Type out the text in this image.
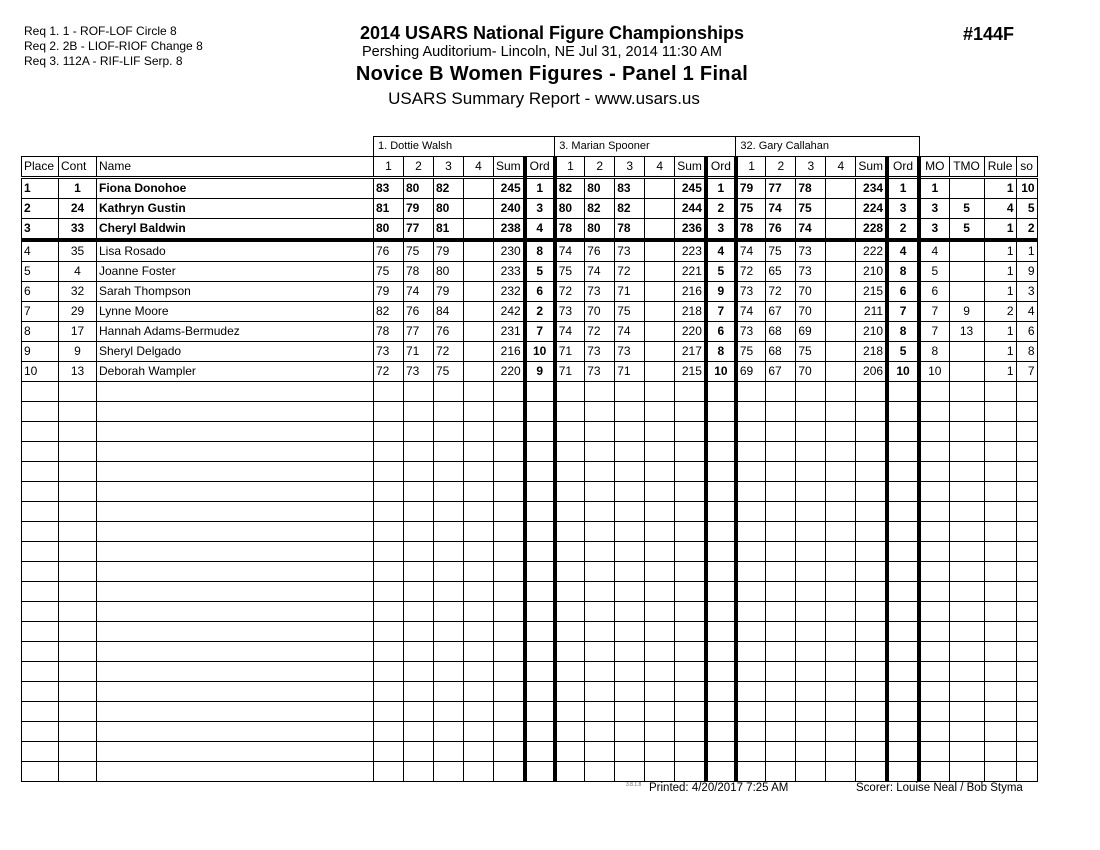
Req 1. 1 - ROF-LOF Circle 8
Req 2. 2B - LIOF-RIOF Change 8
Req 3. 112A - RIF-LIF Serp. 8
2014 USARS National Figure Championships
Pershing Auditorium- Lincoln, NE Jul 31, 2014 11:30 AM
Novice B Women Figures - Panel 1 Final
USARS Summary Report - www.usars.us
#144F
			1. Dottie Walsh						3. Marian Spooner						32. Gary Callahan									
Place	Cont	Name	1	2	3	4	Sum	Ord	1	2	3	4	Sum	Ord	1	2	3	4	Sum	Ord	MO	TMO	Rule	so
1	1	Fiona Donohoe	83	80	82		245	1	82	80	83		245	1	79	77	78		234	1	1		1	10
2	24	Kathryn Gustin	81	79	80		240	3	80	82	82		244	2	75	74	75		224	3	3	5	4	5
3	33	Cheryl Baldwin	80	77	81		238	4	78	80	78		236	3	78	76	74		228	2	3	5	1	2
4	35	Lisa Rosado	76	75	79		230	8	74	76	73		223	4	74	75	73		222	4	4		1	1
5	4	Joanne Foster	75	78	80		233	5	75	74	72		221	5	72	65	73		210	8	5		1	9
6	32	Sarah Thompson	79	74	79		232	6	72	73	71		216	9	73	72	70		215	6	6		1	3
7	29	Lynne Moore	82	76	84		242	2	73	70	75		218	7	74	67	70		211	7	7	9	2	4
8	17	Hannah Adams-Bermudez	78	77	76		231	7	74	72	74		220	6	73	68	69		210	8	7	13	1	6
9	9	Sheryl Delgado	73	71	72		216	10	71	73	73		217	8	75	68	75		218	5	8		1	8
10	13	Deborah Wampler	72	73	75		220	9	71	73	71		215	10	69	67	70		206	10	10		1	7

3.8.1.8 Printed: 4/20/2017 7:25 AM	Scorer: Louise Neal / Bob Styma
